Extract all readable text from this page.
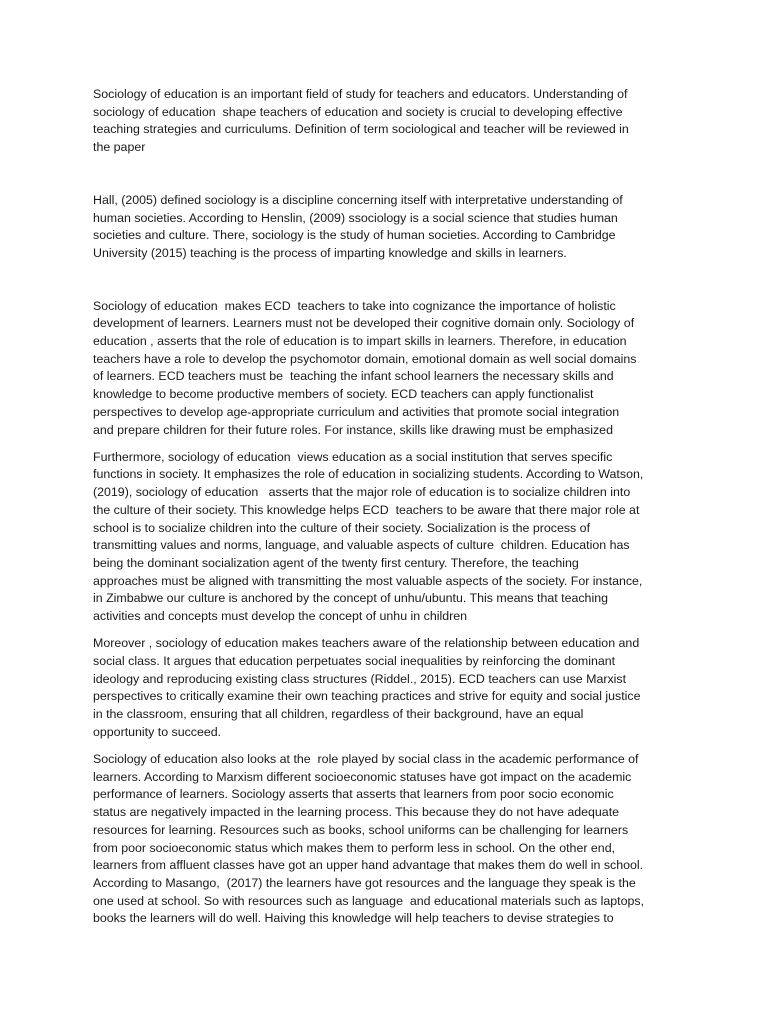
Sociology of education is an important field of study for teachers and educators. Understanding of
sociology of education  shape teachers of education and society is crucial to developing effective
teaching strategies and curriculums. Definition of term sociological and teacher will be reviewed in
the paper

Hall, (2005) defined sociology is a discipline concerning itself with interpretative understanding of
human societies. According to Henslin, (2009) ssociology is a social science that studies human
societies and culture. There, sociology is the study of human societies. According to Cambridge
University (2015) teaching is the process of imparting knowledge and skills in learners.

Sociology of education  makes ECD  teachers to take into cognizance the importance of holistic
development of learners. Learners must not be developed their cognitive domain only. Sociology of
education , asserts that the role of education is to impart skills in learners. Therefore, in education
teachers have a role to develop the psychomotor domain, emotional domain as well social domains
of learners. ECD teachers must be  teaching the infant school learners the necessary skills and
knowledge to become productive members of society. ECD teachers can apply functionalist
perspectives to develop age-appropriate curriculum and activities that promote social integration
and prepare children for their future roles. For instance, skills like drawing must be emphasized

Furthermore, sociology of education  views education as a social institution that serves specific
functions in society. It emphasizes the role of education in socializing students. According to Watson,
(2019), sociology of education   asserts that the major role of education is to socialize children into
the culture of their society. This knowledge helps ECD  teachers to be aware that there major role at
school is to socialize children into the culture of their society. Socialization is the process of
transmitting values and norms, language, and valuable aspects of culture  children. Education has
being the dominant socialization agent of the twenty first century. Therefore, the teaching
approaches must be aligned with transmitting the most valuable aspects of the society. For instance,
in Zimbabwe our culture is anchored by the concept of unhu/ubuntu. This means that teaching
activities and concepts must develop the concept of unhu in children

Moreover , sociology of education makes teachers aware of the relationship between education and
social class. It argues that education perpetuates social inequalities by reinforcing the dominant
ideology and reproducing existing class structures (Riddel., 2015). ECD teachers can use Marxist
perspectives to critically examine their own teaching practices and strive for equity and social justice
in the classroom, ensuring that all children, regardless of their background, have an equal
opportunity to succeed.

Sociology of education also looks at the  role played by social class in the academic performance of
learners. According to Marxism different socioeconomic statuses have got impact on the academic
performance of learners. Sociology asserts that asserts that learners from poor socio economic
status are negatively impacted in the learning process. This because they do not have adequate
resources for learning. Resources such as books, school uniforms can be challenging for learners
from poor socioeconomic status which makes them to perform less in school. On the other end,
learners from affluent classes have got an upper hand advantage that makes them do well in school.
According to Masango,  (2017) the learners have got resources and the language they speak is the
one used at school. So with resources such as language  and educational materials such as laptops,
books the learners will do well. Haiving this knowledge will help teachers to devise strategies to
